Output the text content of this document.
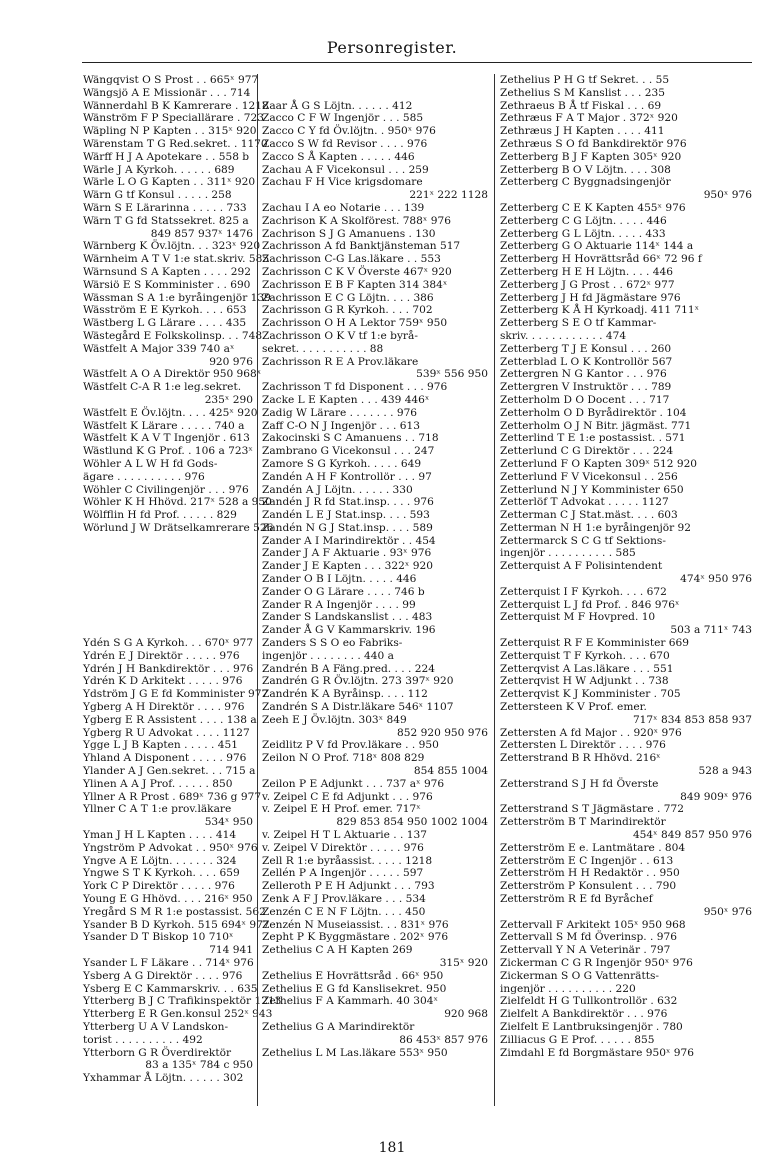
Personregister.
Wängqvist O S Prost . . 665ˣ 977
Wängsjö A E Missionär . . . 714
Wännerdahl B K Kamrerare . 1218
Wänström F P Speciallärare . 723
Wäpling N P Kapten . . 315ˣ 920
Wärenstam T G Red.sekret. . 1170
Wärff H J A Apotekare . . 558 b
Wärle J A Kyrkoh. . . . . . 689
Wärle L O G Kapten . . 311ˣ 920
Wärn G tf Konsul . . . . . 258
Wärn S E Lärarinna . . . . . 733
Wärn T G fd Statssekret. 825 a
849 857 937ˣ 1476
Wärnberg K Öv.löjtn. . . 323ˣ 920
Wärnheim A T V 1:e stat.skriv. 585
Wärnsund S A Kapten . . . . 292
Wärsiö E S Komminister . . 690
Wässman S A 1:e byråingenjör 139
Wäsström E E Kyrkoh. . . . 653
Wästberg L G Lärare . . . . 435
Wästegård E Folkskolinsp. . . 748
Wästfelt A Major 339 740 aˣ
920 976
Wästfelt A O A Direktör 950 968ˣ
Wästfelt C-A R 1:e leg.sekret.
235ˣ 290
Wästfelt E Öv.löjtn. . . . 425ˣ 920
Wästfelt K Lärare . . . . . 740 a
Wästfelt K A V T Ingenjör . 613
Wästlund K G Prof. . 106 a 723ˣ
Wöhler A L W H fd Gods-
ägare . . . . . . . . . . 976
Wöhler C Civilingenjör . . . 976
Wöhler K H Hhövd. 217ˣ 528 a 950
Wölfflin H fd Prof. . . . . . 829
Wörlund J W Drätselkamrerare 526
Ydén S G A Kyrkoh. . . 670ˣ 977
Ydrén E J Direktör . . . . . 976
Ydrén J H Bankdirektör . . . 976
Ydrén K D Arkitekt . . . . . 976
Ydström J G E fd Komminister 977
Ygberg A H Direktör . . . . 976
Ygberg E R Assistent . . . . 138 a
Ygberg R U Advokat . . . . 1127
Ygge L J B Kapten . . . . . 451
Yhland A Disponent . . . . . 976
Ylander A J Gen.sekret. . . 715 a
Ylinen A A J Prof. . . . . . 850
Yllner A R Prost . 689ˣ 736 g 977
Yllner C A T 1:e prov.läkare
534ˣ 950
Yman J H L Kapten . . . . 414
Yngström P Advokat . . 950ˣ 976
Yngve A E Löjtn. . . . . . . 324
Yngwe S T K Kyrkoh. . . . 659
York C P Direktör . . . . . 976
Young E G Hhövd. . . . 216ˣ 950
Yregård S M R 1:e postassist. 562
Ysander B D Kyrkoh. 515 694ˣ 977
Ysander D T Biskop 10 710ˣ
714 941
Ysander L F Läkare . . 714ˣ 976
Ysberg A G Direktör . . . . 976
Ysberg E C Kammarskriv. . . 635
Ytterberg B J C Trafikinspektör 1213
Ytterberg E R Gen.konsul 252ˣ 943
Ytterberg U A V Landskon-
torist . . . . . . . . . . 492
Ytterborn G R Överdirektör
83 a 135ˣ 784 c 950
Yxhammar Å Löjtn. . . . . . 302
Zaar Å G S Löjtn. . . . . . 412
Zacco C F W Ingenjör . . . 585
Zacco C Y fd Öv.löjtn. . 950ˣ 976
Zacco S W fd Revisor . . . . 976
Zacco S Å Kapten . . . . . 446
Zachau A F Vicekonsul . . . 259
Zachau F H Vice krigsdomare
221ˣ 222 1128
Zachau I A eo Notarie . . . 139
Zachrison K A Skolförest. 788ˣ 976
Zachrison S J G Amanuens . 130
Zachrisson A fd Banktjänsteman 517
Zachrisson C-G Las.läkare . . 553
Zachrisson C K V Överste 467ˣ 920
Zachrisson E B F Kapten 314 384ˣ
Zachrisson E C G Löjtn. . . . 386
Zachrisson G R Kyrkoh. . . . 702
Zachrisson O H A Lektor 759ˣ 950
Zachrisson O K V tf 1:e byrå-
sekret. . . . . . . . . . . 88
Zachrisson R E A Prov.läkare
539ˣ 556 950
Zachrisson T fd Disponent . . . 976
Zacke L E Kapten . . . 439 446ˣ
Zadig W Lärare . . . . . . . 976
Zaff C-O N J Ingenjör . . . 613
Zakocinski S C Amanuens . . 718
Zambrano G Vicekonsul . . . 247
Zamore S G Kyrkoh. . . . . 649
Zandén A H F Kontrollör . . . 97
Zandén A J Löjtn. . . . . . 330
Zandén J R fd Stat.insp. . . . 976
Zandén L E J Stat.insp. . . . 593
Zandén N G J Stat.insp. . . . 589
Zander A I Marindirektör . . 454
Zander J A F Aktuarie . 93ˣ 976
Zander J E Kapten . . . 322ˣ 920
Zander O B I Löjtn. . . . . 446
Zander O G Lärare . . . . 746 b
Zander R A Ingenjör . . . . 99
Zander S Landskanslist . . . 483
Zander Å G V Kammarskriv. 196
Zanders S S O eo Fabriks-
ingenjör . . . . . . . . 440 a
Zandrén B A Fäng.pred. . . . 224
Zandrén G R Öv.löjtn. 273 397ˣ 920
Zandrén K A Byråinsp. . . . 112
Zandrén S A Distr.läkare 546ˣ 1107
Zeeh E J Öv.löjtn. 303ˣ 849
852 920 950 976
Zeidlitz P V fd Prov.läkare . . 950
Zeilon N O Prof. 718ˣ 808 829
854 855 1004
Zeilon P E Adjunkt . . . 737 aˣ 976
v. Zeipel C E fd Adjunkt . . . 976
v. Zeipel E H Prof. emer. 717ˣ
829 853 854 950 1002 1004
v. Zeipel H T L Aktuarie . . 137
v. Zeipel V Direktör . . . . . 976
Zell R 1:e byråassist. . . . . 1218
Zellén P A Ingenjör . . . . . 597
Zelleroth P E H Adjunkt . . . 793
Zenk A F J Prov.läkare . . . 534
Zenzén C E N F Löjtn. . . . 450
Zenzén N Museiassist. . . 831ˣ 976
Zepht P K Byggmästare . 202ˣ 976
Zethelius C A H Kapten 269
315ˣ 920
Zethelius E Hovrättsråd . 66ˣ 950
Zethelius E G fd Kanslisekret. 950
Zethelius F A Kammarh. 40 304ˣ
920 968
Zethelius G A Marindirektör
86 453ˣ 857 976
Zethelius L M Las.läkare 553ˣ 950
Zethelius P H G tf Sekret. . . 55
Zethelius S M Kanslist . . . 235
Zethraeus B Å tf Fiskal . . . 69
Zethræus F A T Major . 372ˣ 920
Zethræus J H Kapten . . . . 411
Zethræus S O fd Bankdirektör 976
Zetterberg B J F Kapten 305ˣ 920
Zetterberg B O V Löjtn. . . . 308
Zetterberg C Byggnadsingenjör
950ˣ 976
Zetterberg C E K Kapten 455ˣ 976
Zetterberg C G Löjtn. . . . . 446
Zetterberg G L Löjtn. . . . . 433
Zetterberg G O Aktuarie 114ˣ 144 a
Zetterberg H Hovrättsråd 66ˣ 72 96 f
Zetterberg H E H Löjtn. . . . 446
Zetterberg J G Prost . . 672ˣ 977
Zetterberg J H fd Jägmästare 976
Zetterberg K Å H Kyrkoadj. 411 711ˣ
Zetterberg S E O tf Kammar-
skriv. . . . . . . . . . . . 474
Zetterberg T J E Konsul . . . 260
Zetterblad L O K Kontrollör 567
Zettergren N G Kantor . . . 976
Zettergren V Instruktör . . . 789
Zetterholm D O Docent . . . 717
Zetterholm O D Byrådirektör . 104
Zetterholm O J N Bitr. jägmäst. 771
Zetterlind T E 1:e postassist. . 571
Zetterlund C G Direktör . . . 224
Zetterlund F O Kapten 309ˣ 512 920
Zetterlund F V Vicekonsul . . 256
Zetterlund N J Y Komminister 650
Zetterlöf T Advokat . . . . . 1127
Zetterman C J Stat.mäst. . . . 603
Zetterman N H 1:e byråingenjör 92
Zettermarck S C G tf Sektions-
ingenjör . . . . . . . . . . 585
Zetterquist A F Polisintendent
474ˣ 950 976
Zetterquist I F Kyrkoh. . . . 672
Zetterquist L J fd Prof. . 846 976ˣ
Zetterquist M F Hovpred. 10
503 a 711ˣ 743
Zetterquist R F E Komminister 669
Zetterquist T F Kyrkoh. . . . 670
Zetterqvist A Las.läkare . . . 551
Zetterqvist H W Adjunkt . . 738
Zetterqvist K J Komminister . 705
Zettersteen K V Prof. emer.
717ˣ 834 853 858 937
Zettersten A fd Major . . 920ˣ 976
Zettersten L Direktör . . . . 976
Zetterstrand B R Hhövd. 216ˣ
528 a 943
Zetterstrand S J H fd Överste
849 909ˣ 976
Zetterstrand S T Jägmästare . 772
Zetterström B T Marindirektör
454ˣ 849 857 950 976
Zetterström E e. Lantmätare . 804
Zetterström E C Ingenjör . . 613
Zetterström H H Redaktör . . 950
Zetterström P Konsulent . . . 790
Zetterström R E fd Byråchef
950ˣ 976
Zettervall F Arkitekt 105ˣ 950 968
Zettervall S M fd Överinsp. . 976
Zettervall Y N A Veterinär . 797
Zickerman C G R Ingenjör 950ˣ 976
Zickerman S O G Vattenrätts-
ingenjör . . . . . . . . . . 220
Zielfeldt H G Tullkontrollör . 632
Zielfelt A Bankdirektör . . . 976
Zielfelt E Lantbruksingenjör . 780
Zilliacus G E Prof. . . . . . 855
Zimdahl E fd Borgmästare 950ˣ 976
181
